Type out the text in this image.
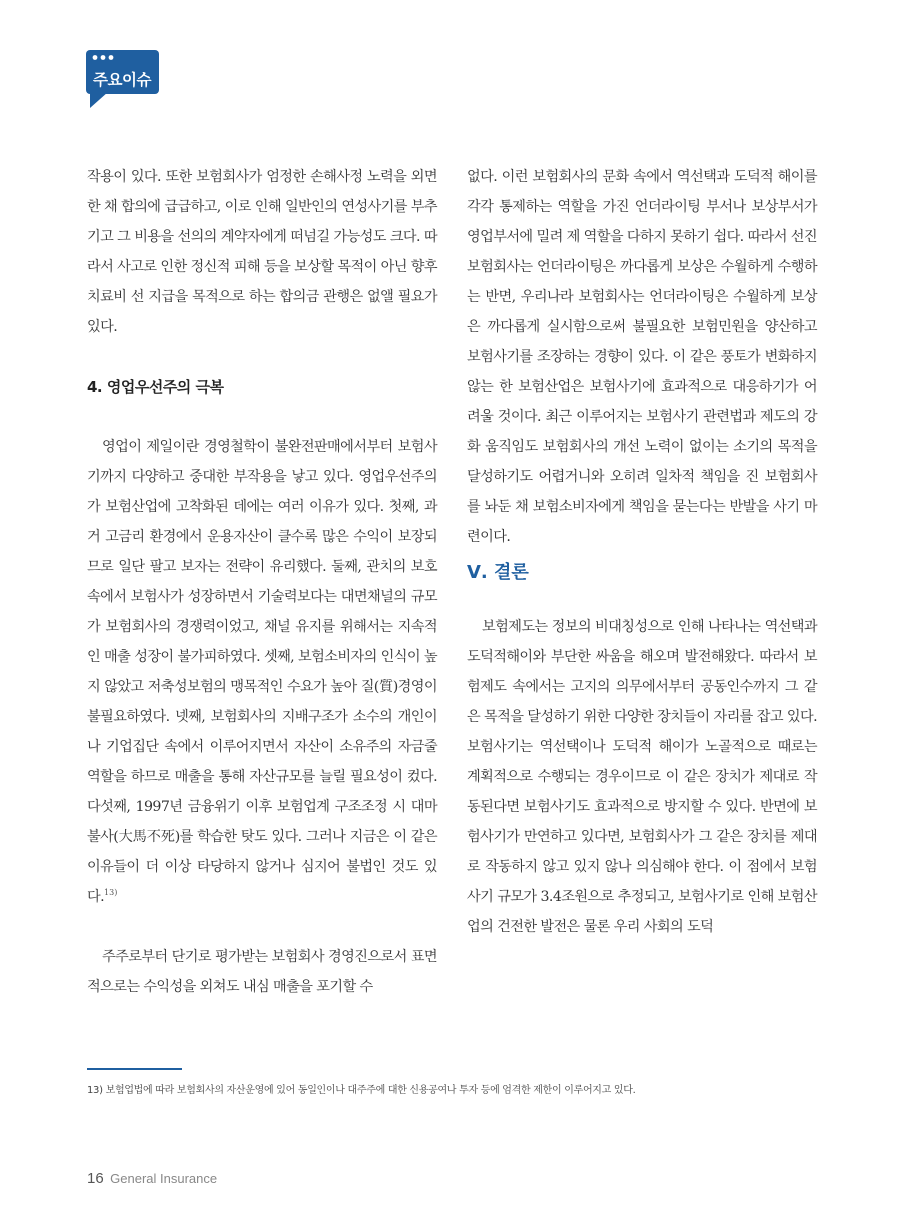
주요이슈

작용이 있다. 또한 보험회사가 엄정한 손해사정 노력을 외면한 채 합의에 급급하고, 이로 인해 일반인의 연성사기를 부추기고 그 비용을 선의의 계약자에게 떠넘길 가능성도 크다. 따라서 사고로 인한 정신적 피해 등을 보상할 목적이 아닌 향후 치료비 선 지급을 목적으로 하는 합의금 관행은 없앨 필요가 있다.

4. 영업우선주의 극복

영업이 제일이란 경영철학이 불완전판매에서부터 보험사기까지 다양하고 중대한 부작용을 낳고 있다. 영업우선주의가 보험산업에 고착화된 데에는 여러 이유가 있다. 첫째, 과거 고금리 환경에서 운용자산이 클수록 많은 수익이 보장되므로 일단 팔고 보자는 전략이 유리했다. 둘째, 관치의 보호 속에서 보험사가 성장하면서 기술력보다는 대면채널의 규모가 보험회사의 경쟁력이었고, 채널 유지를 위해서는 지속적인 매출 성장이 불가피하였다. 셋째, 보험소비자의 인식이 높지 않았고 저축성보험의 맹목적인 수요가 높아 질(質)경영이 불필요하였다. 넷째, 보험회사의 지배구조가 소수의 개인이나 기업집단 속에서 이루어지면서 자산이 소유주의 자금줄 역할을 하므로 매출을 통해 자산규모를 늘릴 필요성이 컸다. 다섯째, 1997년 금융위기 이후 보험업계 구조조정 시 대마불사(大馬不死)를 학습한 탓도 있다. 그러나 지금은 이 같은 이유들이 더 이상 타당하지 않거나 심지어 불법인 것도 있다.$^{13)}$

주주로부터 단기로 평가받는 보험회사 경영진으로서 표면적으로는 수익성을 외쳐도 내심 매출을 포기할 수

없다. 이런 보험회사의 문화 속에서 역선택과 도덕적 해이를 각각 통제하는 역할을 가진 언더라이팅 부서나 보상부서가 영업부서에 밀려 제 역할을 다하지 못하기 쉽다. 따라서 선진 보험회사는 언더라이팅은 까다롭게 보상은 수월하게 수행하는 반면, 우리나라 보험회사는 언더라이팅은 수월하게 보상은 까다롭게 실시함으로써 불필요한 보험민원을 양산하고 보험사기를 조장하는 경향이 있다. 이 같은 풍토가 변화하지 않는 한 보험산업은 보험사기에 효과적으로 대응하기가 어려울 것이다. 최근 이루어지는 보험사기 관련법과 제도의 강화 움직임도 보험회사의 개선 노력이 없이는 소기의 목적을 달성하기도 어렵거니와 오히려 일차적 책임을 진 보험회사를 놔둔 채 보험소비자에게 책임을 묻는다는 반발을 사기 마련이다.

Ⅴ. 결론

보험제도는 정보의 비대칭성으로 인해 나타나는 역선택과 도덕적해이와 부단한 싸움을 해오며 발전해왔다. 따라서 보험제도 속에서는 고지의 의무에서부터 공동인수까지 그 같은 목적을 달성하기 위한 다양한 장치들이 자리를 잡고 있다. 보험사기는 역선택이나 도덕적 해이가 노골적으로 때로는 계획적으로 수행되는 경우이므로 이 같은 장치가 제대로 작동된다면 보험사기도 효과적으로 방지할 수 있다. 반면에 보험사기가 만연하고 있다면, 보험회사가 그 같은 장치를 제대로 작동하지 않고 있지 않나 의심해야 한다. 이 점에서 보험사기 규모가 3.4조원으로 추정되고, 보험사기로 인해 보험산업의 건전한 발전은 물론 우리 사회의 도덕

13) 보험업법에 따라 보험회사의 자산운영에 있어 동일인이나 대주주에 대한 신용공여나 투자 등에 엄격한 제한이 이루어지고 있다.
16 General Insurance
